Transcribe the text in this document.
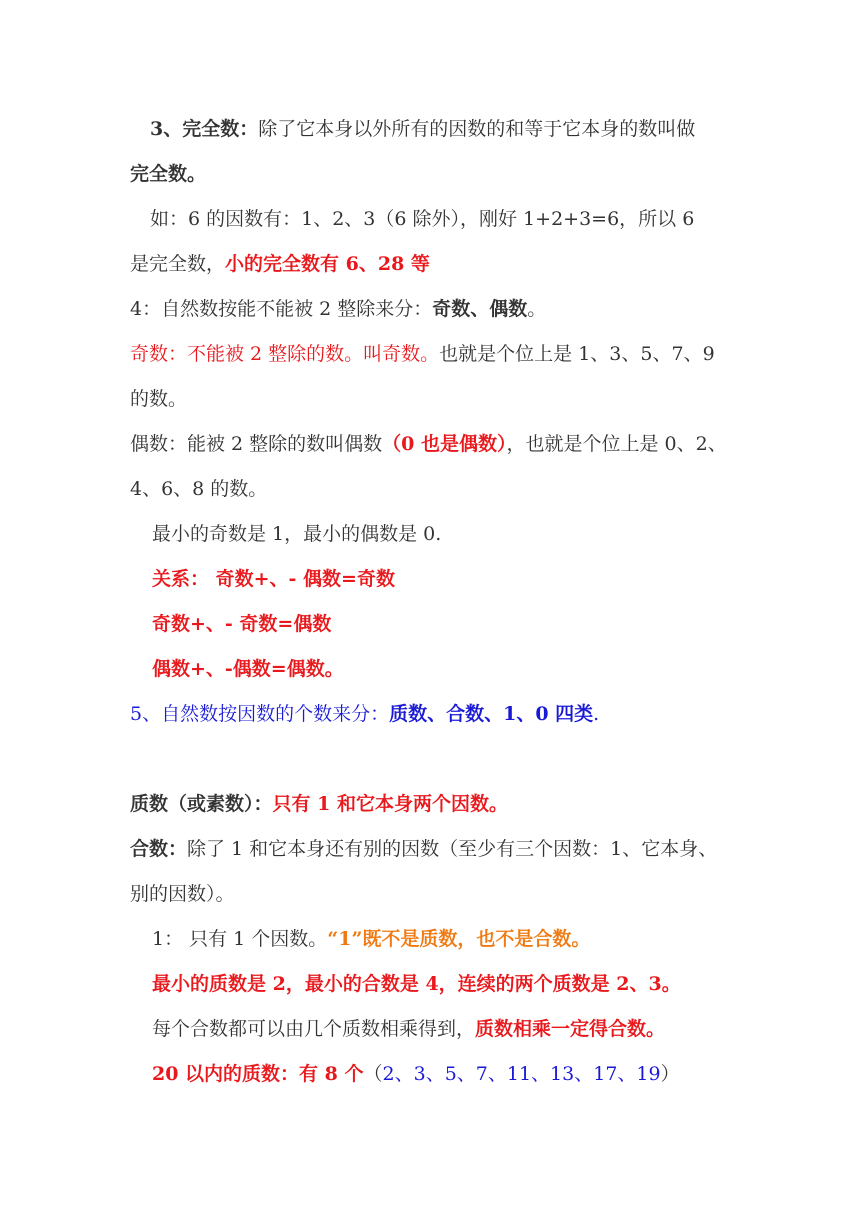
3、完全数：除了它本身以外所有的因数的和等于它本身的数叫做
完全数。
如：6 的因数有：1、2、3（6 除外），刚好 1+2+3=6，所以 6
是完全数，小的完全数有 6、28 等
4：自然数按能不能被 2 整除来分：奇数、偶数。
奇数：不能被 2 整除的数。叫奇数。也就是个位上是 1、3、5、7、9
的数。
偶数：能被 2 整除的数叫偶数（0 也是偶数），也就是个位上是 0、2、
4、6、8 的数。
最小的奇数是 1，最小的偶数是 0.
关系： 奇数+、- 偶数=奇数
奇数+、- 奇数=偶数
偶数+、-偶数=偶数。
5、自然数按因数的个数来分：质数、合数、1、0 四类.
质数（或素数）：只有 1 和它本身两个因数。
合数：除了 1 和它本身还有别的因数（至少有三个因数：1、它本身、
别的因数）。
1： 只有 1 个因数。“1”既不是质数，也不是合数。
最小的质数是 2，最小的合数是 4，连续的两个质数是 2、3。
每个合数都可以由几个质数相乘得到，质数相乘一定得合数。
20 以内的质数：有 8 个（2、3、5、7、11、13、17、19）
